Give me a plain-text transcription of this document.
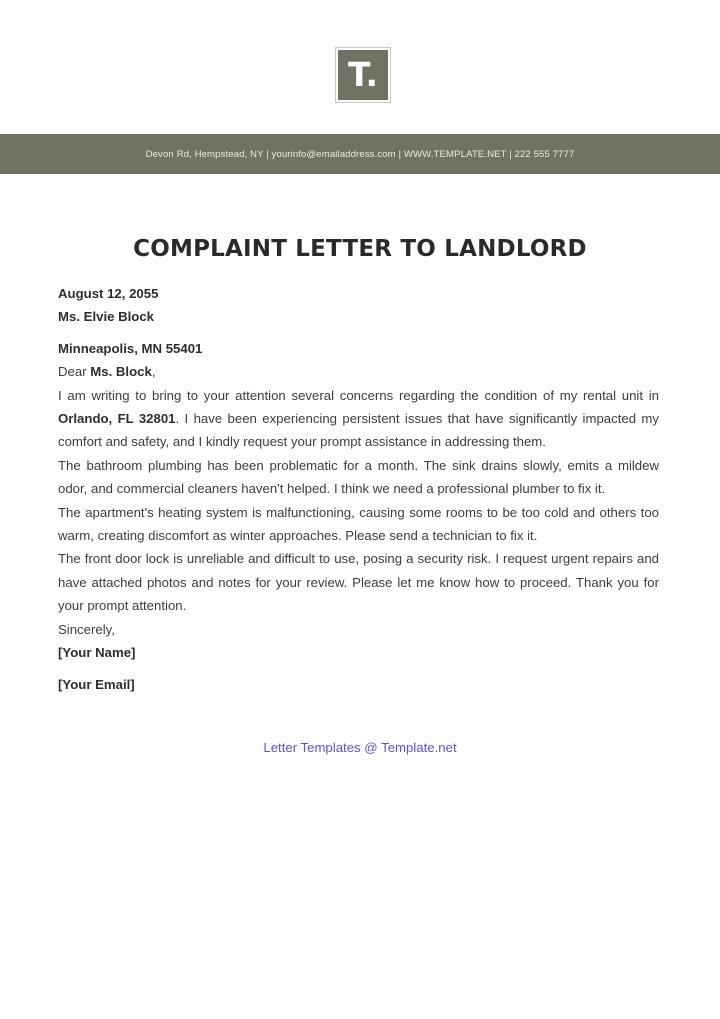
T.
Devon Rd, Hempstead, NY | yourinfo@emailaddress.com | WWW.TEMPLATE.NET | 222 555 7777
COMPLAINT LETTER TO LANDLORD

August 12, 2055

Ms. Elvie Block

Minneapolis, MN 55401

Dear Ms. Block,

I am writing to bring to your attention several concerns regarding the condition of my rental unit in Orlando, FL 32801. I have been experiencing persistent issues that have significantly impacted my comfort and safety, and I kindly request your prompt assistance in addressing them.

The bathroom plumbing has been problematic for a month. The sink drains slowly, emits a mildew odor, and commercial cleaners haven't helped. I think we need a professional plumber to fix it.

The apartment's heating system is malfunctioning, causing some rooms to be too cold and others too warm, creating discomfort as winter approaches. Please send a technician to fix it.

The front door lock is unreliable and difficult to use, posing a security risk. I request urgent repairs and have attached photos and notes for your review. Please let me know how to proceed. Thank you for your prompt attention.

Sincerely,

[Your Name]

[Your Email]

Letter Templates @ Template.net
